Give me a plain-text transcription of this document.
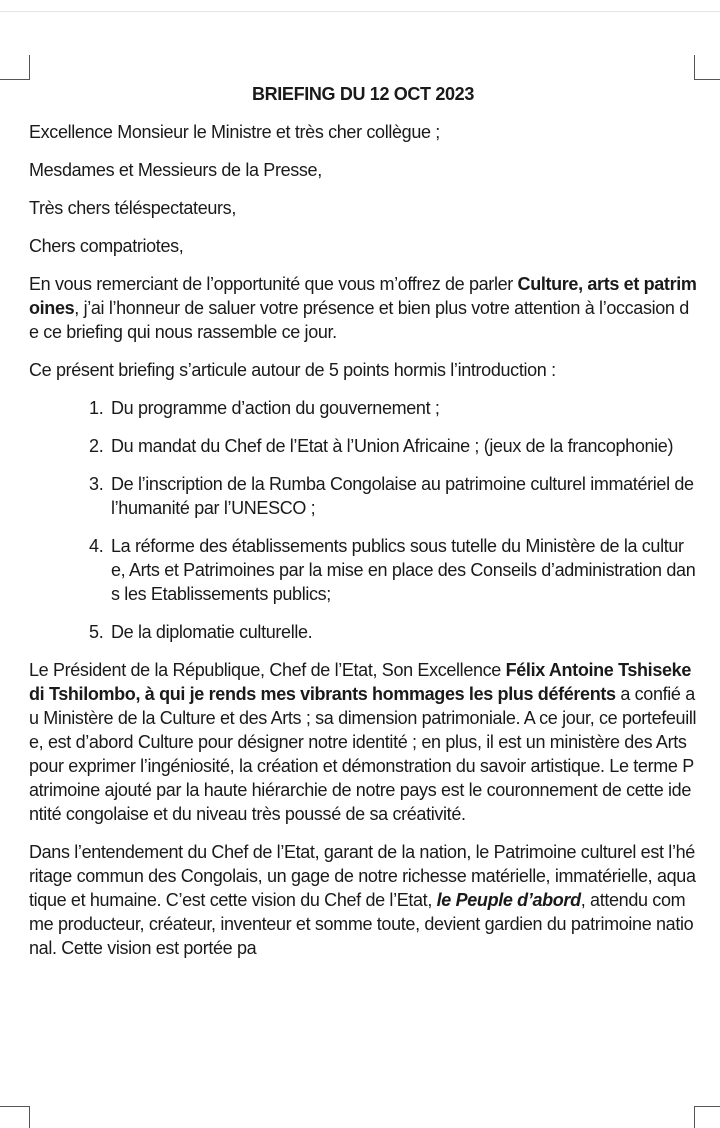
BRIEFING DU 12 OCT 2023
Excellence Monsieur le Ministre et très cher collègue ;
Mesdames et Messieurs de la Presse,
Très chers téléspectateurs,
Chers compatriotes,
En vous remerciant de l’opportunité que vous m’offrez de parler Culture, arts et patrimoines, j’ai l’honneur de saluer votre présence et bien plus votre attention à l’occasion de ce briefing qui nous rassemble ce jour.
Ce présent briefing s’articule autour de 5 points hormis l’introduction :
1. Du programme d’action du gouvernement ;
2. Du mandat du Chef de l’Etat à l’Union Africaine ; (jeux de la francophonie)
3. De l’inscription de la Rumba Congolaise au patrimoine culturel immatériel de l’humanité par l’UNESCO ;
4. La réforme des établissements publics sous tutelle du Ministère de la culture, Arts et Patrimoines par la mise en place des Conseils d’administration dans les Etablissements publics;
5. De la diplomatie culturelle.
Le Président de la République, Chef de l’Etat, Son Excellence Félix Antoine Tshisekedi Tshilombo, à qui je rends mes vibrants hommages les plus déférents a confié au Ministère de la Culture et des Arts ; sa dimension patrimoniale. A ce jour, ce portefeuille, est d’abord Culture pour désigner notre identité ; en plus, il est un ministère des Arts pour exprimer l’ingéniosité, la création et démonstration du savoir artistique. Le terme Patrimoine ajouté par la haute hiérarchie de notre pays est le couronnement de cette identité congolaise et du niveau très poussé de sa créativité.
Dans l’entendement du Chef de l’Etat, garant de la nation, le Patrimoine culturel est l’héritage commun des Congolais, un gage de notre richesse matérielle, immatérielle, aquatique et humaine. C’est cette vision du Chef de l’Etat, le Peuple d’abord, attendu comme producteur, créateur, inventeur et somme toute, devient gardien du patrimoine national. Cette vision est portée pa
